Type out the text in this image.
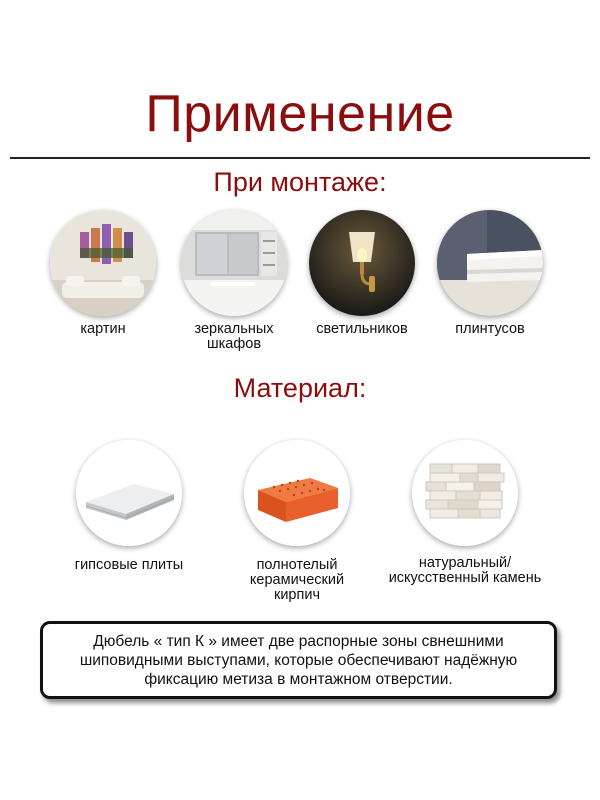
Применение
При монтаже:
картин	зеркальных
шкафов
светильников	плинтусов
Материал:
гипсовые плиты	полнотелый
керамический
кирпич
натуральный/
искусственный камень
Дюбель « тип К » имеет две распорные зоны свнешними шиповидными выступами, которые обеспечивают надёжную фиксацию метиза в монтажном отверстии.
